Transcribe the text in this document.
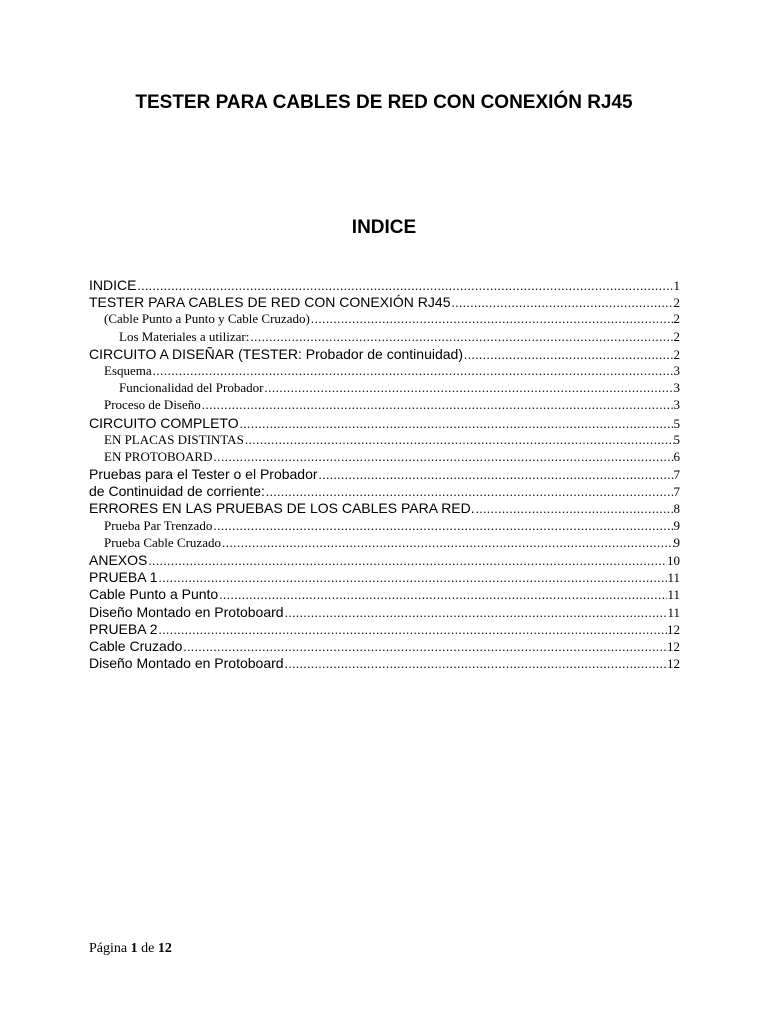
TESTER PARA CABLES DE RED CON CONEXIÓN RJ45
INDICE
INDICE .....	1
TESTER PARA CABLES DE RED CON CONEXIÓN RJ45 .....	2
(Cable Punto a Punto y Cable Cruzado) .....	2
Los Materiales a utilizar: .....	2
CIRCUITO A DISEÑAR (TESTER: Probador de continuidad) .....	2
Esquema .....	3
Funcionalidad del Probador .....	3
Proceso de Diseño .....	3
CIRCUITO COMPLETO .....	5
EN PLACAS DISTINTAS .....	5
EN PROTOBOARD .....	6
Pruebas para el Tester o el Probador .....	7
de Continuidad de corriente: .....	7
ERRORES EN LAS PRUEBAS DE LOS CABLES PARA RED. .....	8
Prueba Par Trenzado .....	9
Prueba Cable Cruzado .....	9
ANEXOS .....	10
PRUEBA 1 .....	11
Cable Punto a Punto .....	11
Diseño Montado en Protoboard .....	11
PRUEBA 2 .....	12
Cable Cruzado .....	12
Diseño Montado en Protoboard .....	12
Página 1 de 12
